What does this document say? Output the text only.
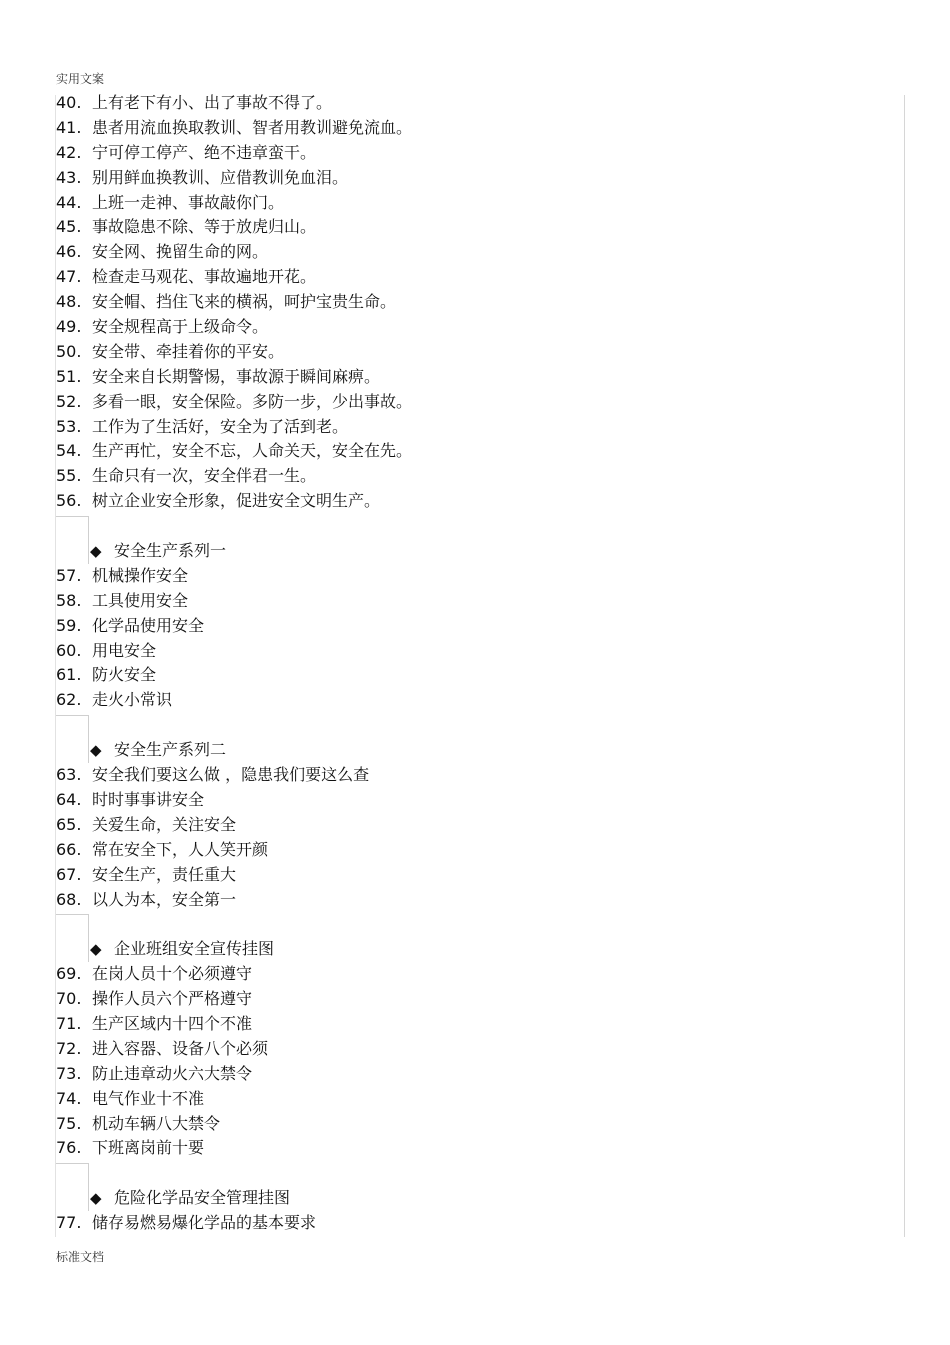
实用文案
40. 上有老下有小、出了事故不得了。
41. 患者用流血换取教训、智者用教训避免流血。
42. 宁可停工停产、绝不违章蛮干。
43. 别用鲜血换教训、应借教训免血泪。
44. 上班一走神、事故敲你门。
45. 事故隐患不除、等于放虎归山。
46. 安全网、挽留生命的网。
47. 检查走马观花、事故遍地开花。
48. 安全帽、挡住飞来的横祸，呵护宝贵生命。
49. 安全规程高于上级命令。
50. 安全带、牵挂着你的平安。
51. 安全来自长期警惕，事故源于瞬间麻痹。
52. 多看一眼，安全保险。多防一步，少出事故。
53. 工作为了生活好，安全为了活到老。
54. 生产再忙，安全不忘，人命关天，安全在先。
55. 生命只有一次，安全伴君一生。
56. 树立企业安全形象，促进安全文明生产。
◆ 安全生产系列一
57. 机械操作安全
58. 工具使用安全
59. 化学品使用安全
60. 用电安全
61. 防火安全
62. 走火小常识
◆ 安全生产系列二
63. 安全我们要这么做 ，隐患我们要这么查
64. 时时事事讲安全
65. 关爱生命，关注安全
66. 常在安全下，人人笑开颜
67. 安全生产，责任重大
68. 以人为本，安全第一
◆ 企业班组安全宣传挂图
69. 在岗人员十个必须遵守
70. 操作人员六个严格遵守
71. 生产区域内十四个不准
72. 进入容器、设备八个必须
73. 防止违章动火六大禁令
74. 电气作业十不准
75. 机动车辆八大禁令
76. 下班离岗前十要
◆ 危险化学品安全管理挂图
77. 储存易燃易爆化学品的基本要求
标准文档
